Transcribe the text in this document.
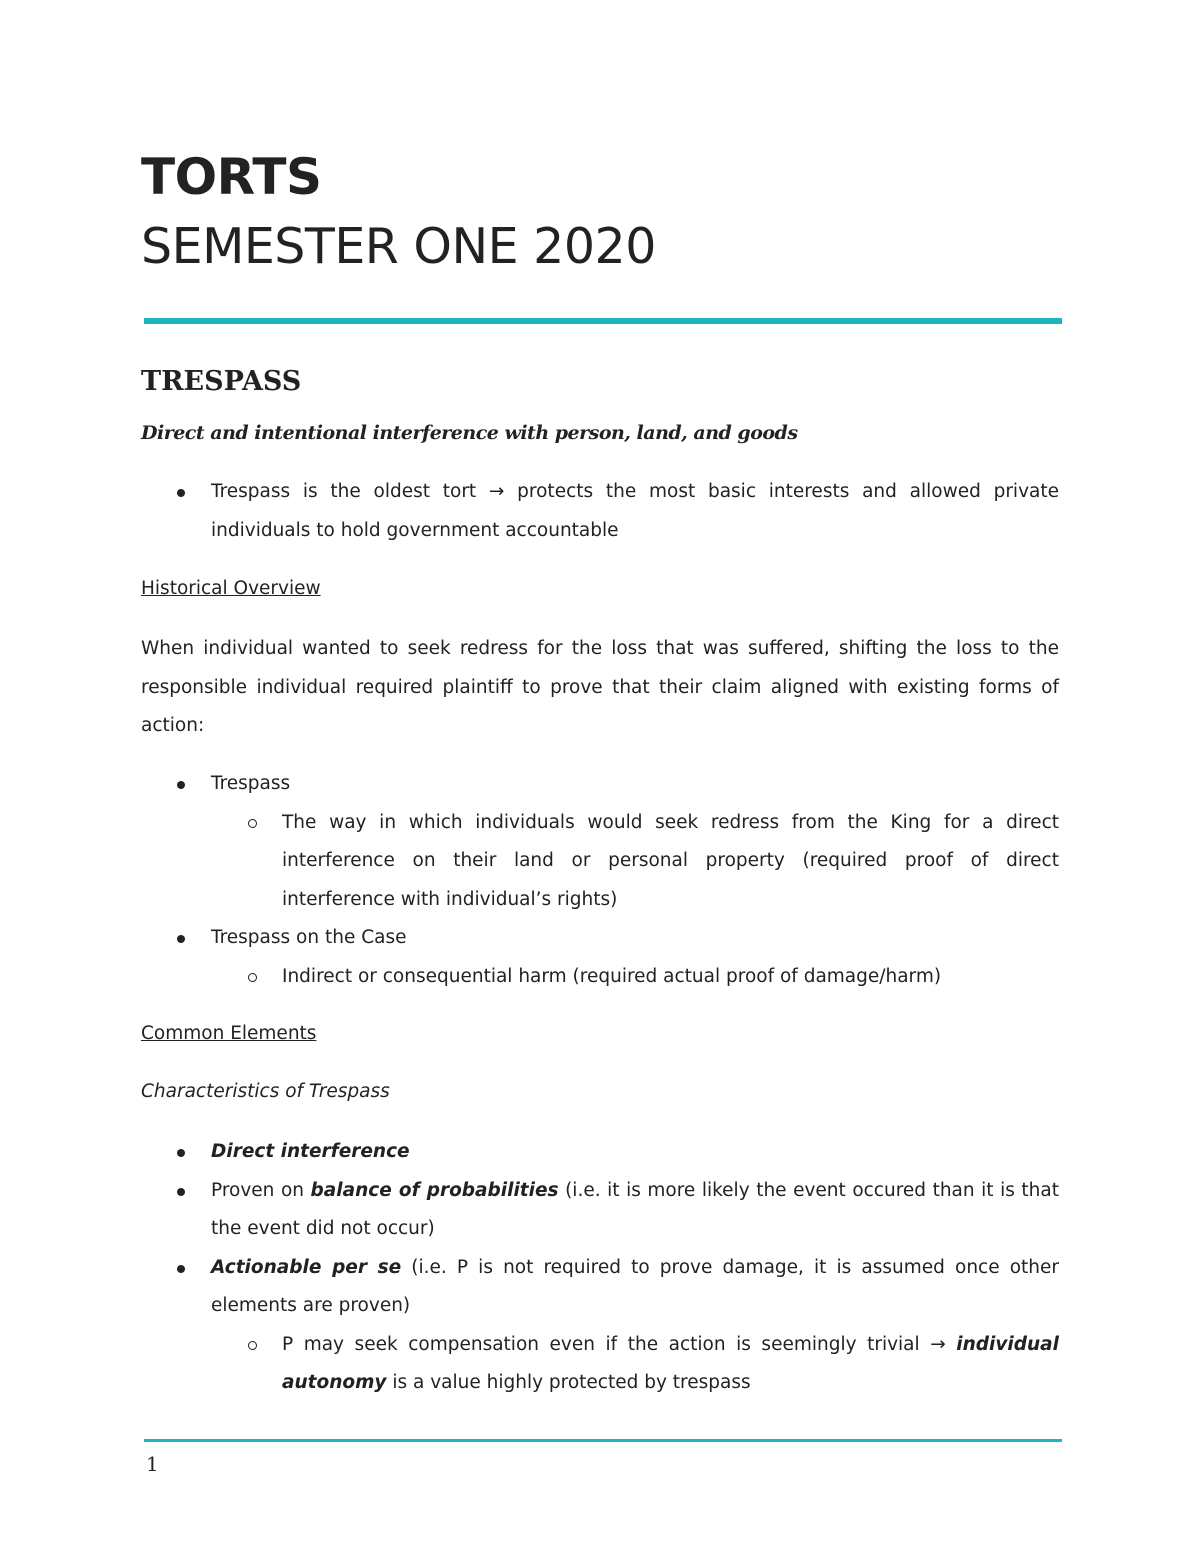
TORTS
SEMESTER ONE 2020
TRESPASS

Direct and intentional interference with person, land, and goods

Trespass is the oldest tort → protects the most basic interests and allowed private individuals to hold government accountable

Historical Overview

When individual wanted to seek redress for the loss that was suffered, shifting the loss to the responsible individual required plaintiff to prove that their claim aligned with existing forms of action:

Trespass
The way in which individuals would seek redress from the King for a direct interference on their land or personal property (required proof of direct interference with individual’s rights)
Trespass on the Case
Indirect or consequential harm (required actual proof of damage/harm)

Common Elements

Characteristics of Trespass

Direct interference
Proven on balance of probabilities (i.e. it is more likely the event occured than it is that the event did not occur)
Actionable per se (i.e. P is not required to prove damage, it is assumed once other elements are proven)
P may seek compensation even if the action is seemingly trivial → individual autonomy is a value highly protected by trespass
1
